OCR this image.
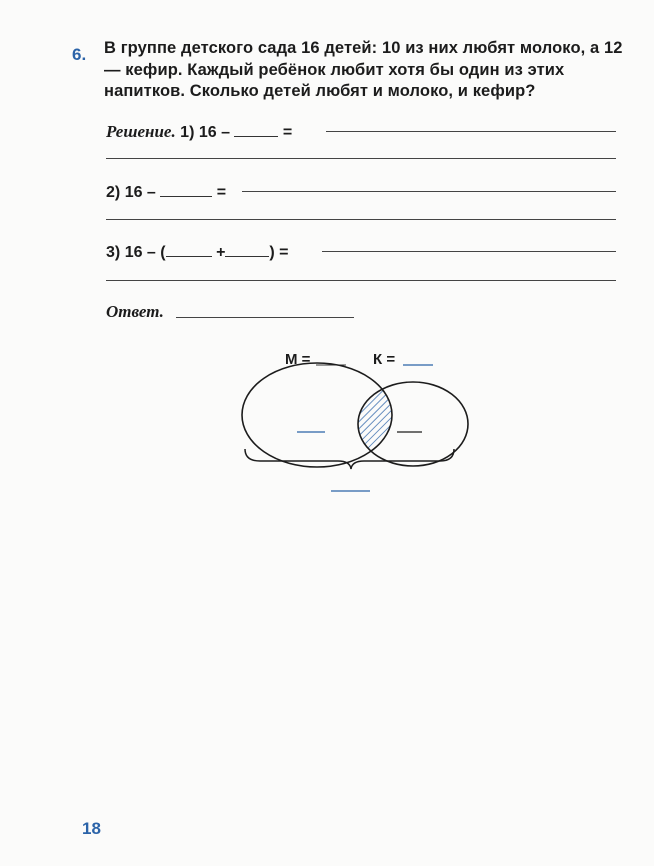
6. В группе детского сада 16 детей: 10 из них любят молоко, а 12 — кефир. Каждый ребёнок любит хотя бы один из этих напитков. Сколько детей любят и молоко, и кефир?
Решение. 1) 16 –	=
2) 16 –	=
3) 16 – (	+	) =
Ответ.
М =	К =
18
